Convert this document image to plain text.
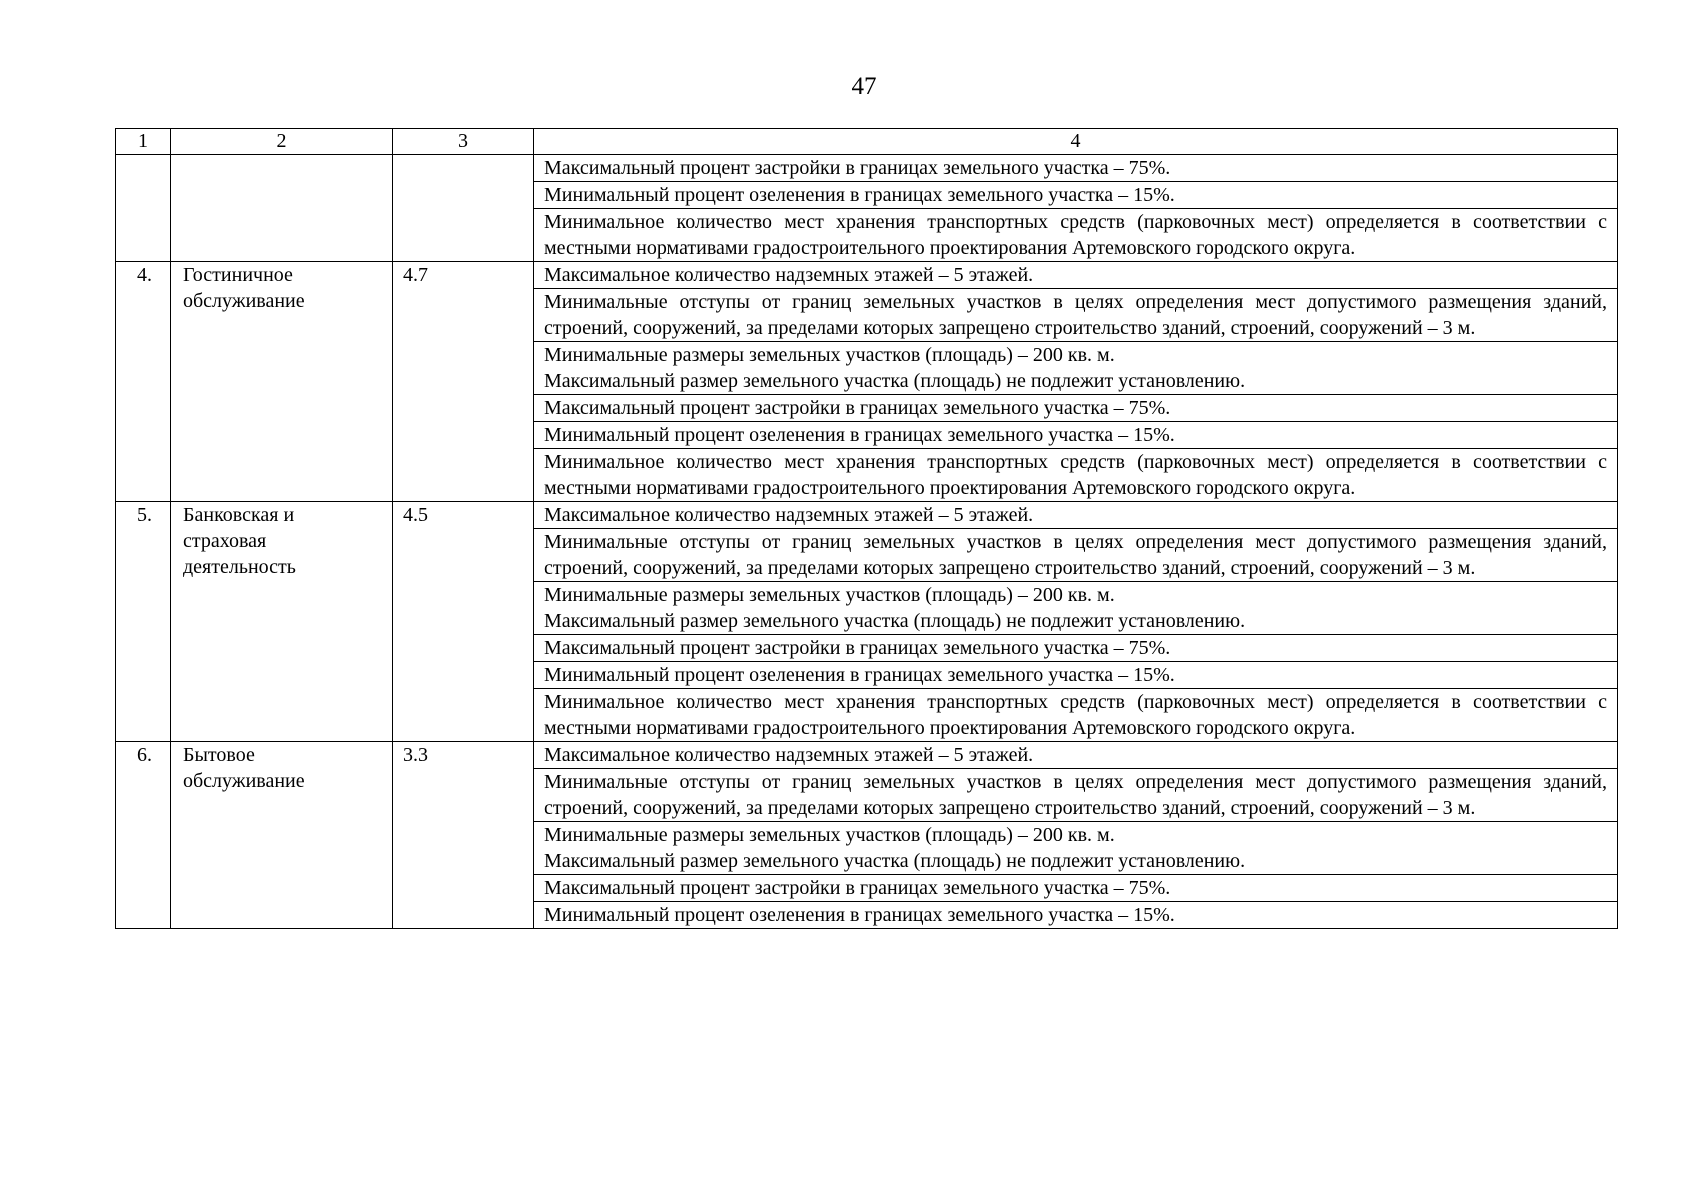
47
1	2	3	4
			Максимальный процент застройки в границах земельного участка – 75%.
			Минимальный процент озеленения в границах земельного участка – 15%.
			Минимальное количество мест хранения транспортных средств (парковочных мест) определяется в соответствии с местными нормативами градостроительного проектирования Артемовского городского округа.
4.	Гостиничное обслуживание	4.7	Максимальное количество надземных этажей – 5 этажей.
			Минимальные отступы от границ земельных участков в целях определения мест допустимого размещения зданий, строений, сооружений, за пределами которых запрещено строительство зданий, строений, сооружений – 3 м.

			Минимальные размеры земельных участков (площадь) – 200 кв. м.
Максимальный размер земельного участка (площадь) не подлежит установлению.

			Максимальный процент застройки в границах земельного участка – 75%.
			Минимальный процент озеленения в границах земельного участка – 15%.
			Минимальное количество мест хранения транспортных средств (парковочных мест) определяется в соответствии с местными нормативами градостроительного проектирования Артемовского городского округа.
5.	Банковская и страховая деятельность	4.5	Максимальное количество надземных этажей – 5 этажей.
			Минимальные отступы от границ земельных участков в целях определения мест допустимого размещения зданий, строений, сооружений, за пределами которых запрещено строительство зданий, строений, сооружений – 3 м.

			Минимальные размеры земельных участков (площадь) – 200 кв. м.
Максимальный размер земельного участка (площадь) не подлежит установлению.

			Максимальный процент застройки в границах земельного участка – 75%.
			Минимальный процент озеленения в границах земельного участка – 15%.
			Минимальное количество мест хранения транспортных средств (парковочных мест) определяется в соответствии с местными нормативами градостроительного проектирования Артемовского городского округа.
6.	Бытовое обслуживание	3.3	Максимальное количество надземных этажей – 5 этажей.
			Минимальные отступы от границ земельных участков в целях определения мест допустимого размещения зданий, строений, сооружений, за пределами которых запрещено строительство зданий, строений, сооружений – 3 м.

			Минимальные размеры земельных участков (площадь) – 200 кв. м.
Максимальный размер земельного участка (площадь) не подлежит установлению.

			Максимальный процент застройки в границах земельного участка – 75%.
			Минимальный процент озеленения в границах земельного участка – 15%.
